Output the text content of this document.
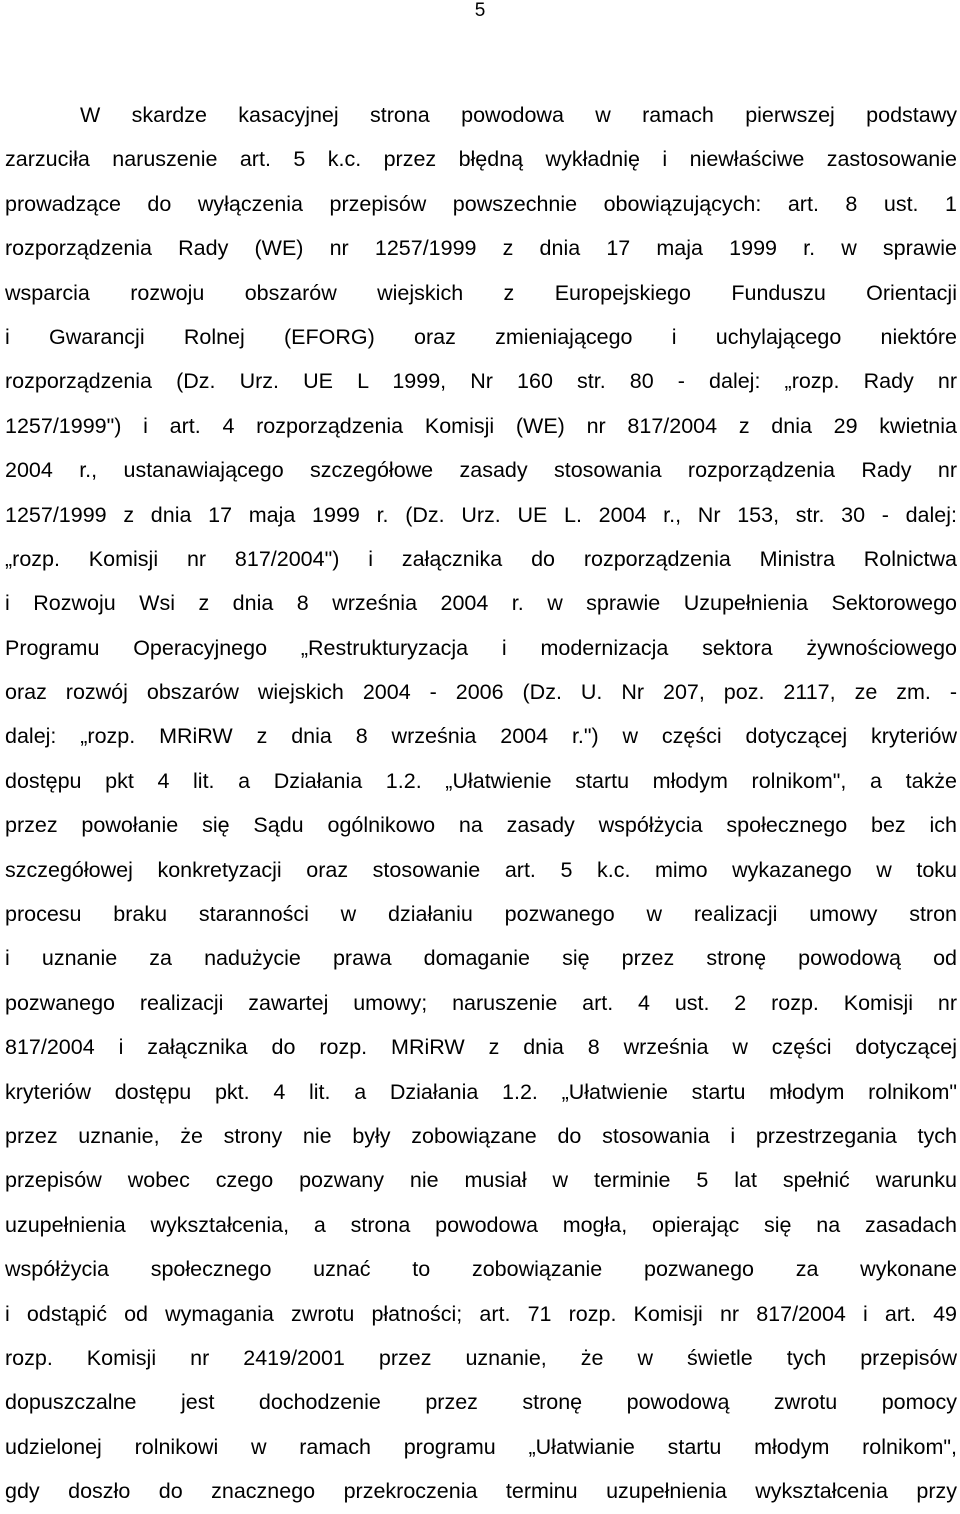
5
W skardze kasacyjnej strona powodowa w ramach pierwszej podstawy
zarzuciła naruszenie art. 5 k.c. przez błędną wykładnię i niewłaściwe zastosowanie
prowadzące do wyłączenia przepisów powszechnie obowiązujących: art. 8 ust. 1
rozporządzenia Rady (WE) nr 1257/1999 z dnia 17 maja 1999 r. w sprawie
wsparcia rozwoju obszarów wiejskich z Europejskiego Funduszu Orientacji
i Gwarancji Rolnej (EFORG) oraz zmieniającego i uchylającego niektóre
rozporządzenia (Dz. Urz. UE L 1999, Nr 160 str. 80 - dalej: „rozp. Rady nr
1257/1999") i art. 4 rozporządzenia Komisji (WE) nr 817/2004 z dnia 29 kwietnia
2004 r., ustanawiającego szczegółowe zasady stosowania rozporządzenia Rady nr
1257/1999 z dnia 17 maja 1999 r. (Dz. Urz. UE L. 2004 r., Nr 153, str. 30 - dalej:
„rozp. Komisji nr 817/2004") i załącznika do rozporządzenia Ministra Rolnictwa
i Rozwoju Wsi z dnia 8 września 2004 r. w sprawie Uzupełnienia Sektorowego
Programu Operacyjnego „Restrukturyzacja i modernizacja sektora żywnościowego
oraz rozwój obszarów wiejskich 2004 - 2006 (Dz. U. Nr 207, poz. 2117, ze zm. -
dalej: „rozp. MRiRW z dnia 8 września 2004 r.") w części dotyczącej kryteriów
dostępu pkt 4 lit. a Działania 1.2. „Ułatwienie startu młodym rolnikom", a także
przez powołanie się Sądu ogólnikowo na zasady współżycia społecznego bez ich
szczegółowej konkretyzacji oraz stosowanie art. 5 k.c. mimo wykazanego w toku
procesu braku staranności w działaniu pozwanego w realizacji umowy stron
i uznanie za nadużycie prawa domaganie się przez stronę powodową od
pozwanego realizacji zawartej umowy; naruszenie art. 4 ust. 2 rozp. Komisji nr
817/2004 i załącznika do rozp. MRiRW z dnia 8 września w części dotyczącej
kryteriów dostępu pkt. 4 lit. a Działania 1.2. „Ułatwienie startu młodym rolnikom"
przez uznanie, że strony nie były zobowiązane do stosowania i przestrzegania tych
przepisów wobec czego pozwany nie musiał w terminie 5 lat spełnić warunku
uzupełnienia wykształcenia, a strona powodowa mogła, opierając się na zasadach
współżycia społecznego uznać to zobowiązanie pozwanego za wykonane
i odstąpić od wymagania zwrotu płatności; art. 71 rozp. Komisji nr 817/2004 i art. 49
rozp. Komisji nr 2419/2001 przez uznanie, że w świetle tych przepisów
dopuszczalne jest dochodzenie przez stronę powodową zwrotu pomocy
udzielonej rolnikowi w ramach programu „Ułatwianie startu młodym rolnikom",
gdy doszło do znacznego przekroczenia terminu uzupełnienia wykształcenia przy
